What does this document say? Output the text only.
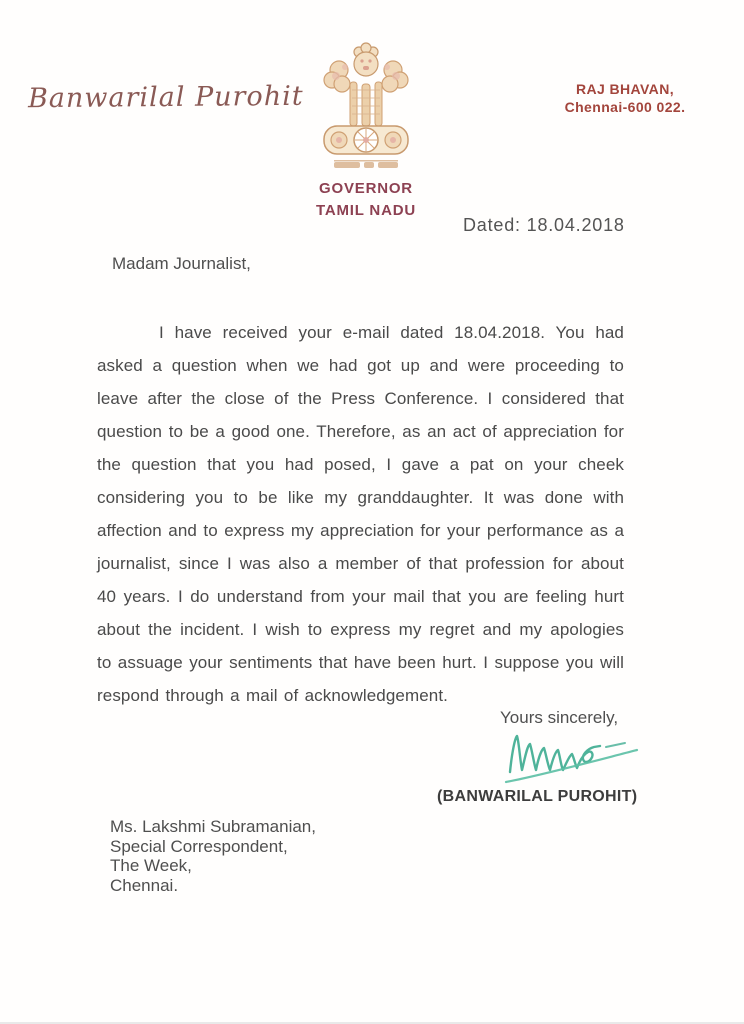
Banwarilal Purohit
GOVERNOR
TAMIL NADU
RAJ BHAVAN,
Chennai-600 022.
Dated: 18.04.2018
Madam Journalist,
I have received your e-mail dated 18.04.2018. You had asked a question when we had got up and were proceeding to leave after the close of the Press Conference. I considered that question to be a good one. Therefore, as an act of appreciation for the question that you had posed, I gave a pat on your cheek considering you to be like my granddaughter. It was done with affection and to express my appreciation for your performance as a journalist, since I was also a member of that profession for about 40 years. I do understand from your mail that you are feeling hurt about the incident. I wish to express my regret and my apologies to assuage your sentiments that have been hurt. I suppose you will respond through a mail of acknowledgement.
Yours sincerely,
(BANWARILAL PUROHIT)
Ms. Lakshmi Subramanian,
Special Correspondent,
The Week,
Chennai.
